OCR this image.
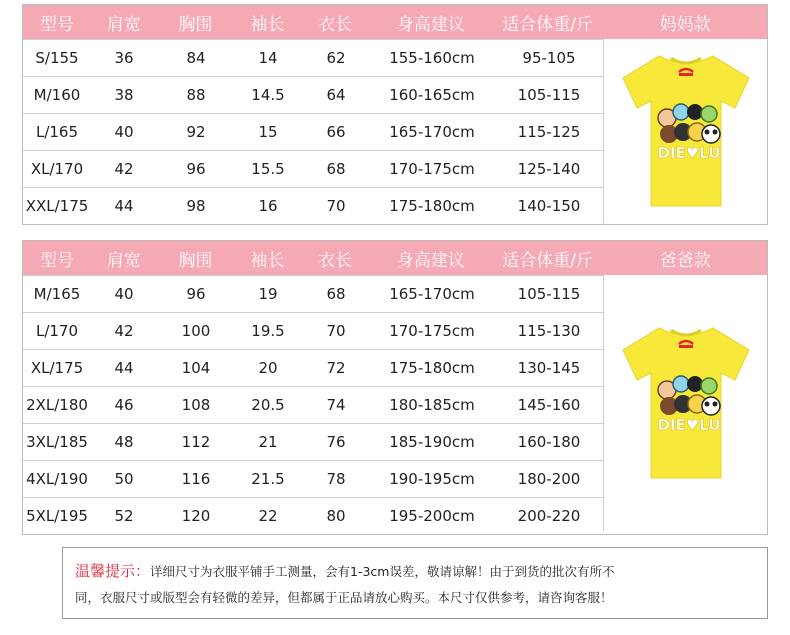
型号	肩宽	胸围	袖长	衣长	身高建议	适合体重/斤	妈妈款
S/155	36	84	14	62	155-160cm	95-105
M/160	38	88	14.5	64	160-165cm	105-115
L/165	40	92	15	66	165-170cm	115-125
XL/170	42	96	15.5	68	170-175cm	125-140
XXL/175	44	98	16	70	175-180cm	140-150
DIE♥LU
型号	肩宽	胸围	袖长	衣长	身高建议	适合体重/斤	爸爸款
M/165	40	96	19	68	165-170cm	105-115
L/170	42	100	19.5	70	170-175cm	115-130
XL/175	44	104	20	72	175-180cm	130-145
2XL/180	46	108	20.5	74	180-185cm	145-160
3XL/185	48	112	21	76	185-190cm	160-180
4XL/190	50	116	21.5	78	190-195cm	180-200
5XL/195	52	120	22	80	195-200cm	200-220
DIE♥LU
温馨提示：详细尺寸为衣服平铺手工测量，会有1-3cm误差，敬请谅解！由于到货的批次有所不
同，衣服尺寸或版型会有轻微的差异，但都属于正品请放心购买。本尺寸仅供参考，请咨询客服！
